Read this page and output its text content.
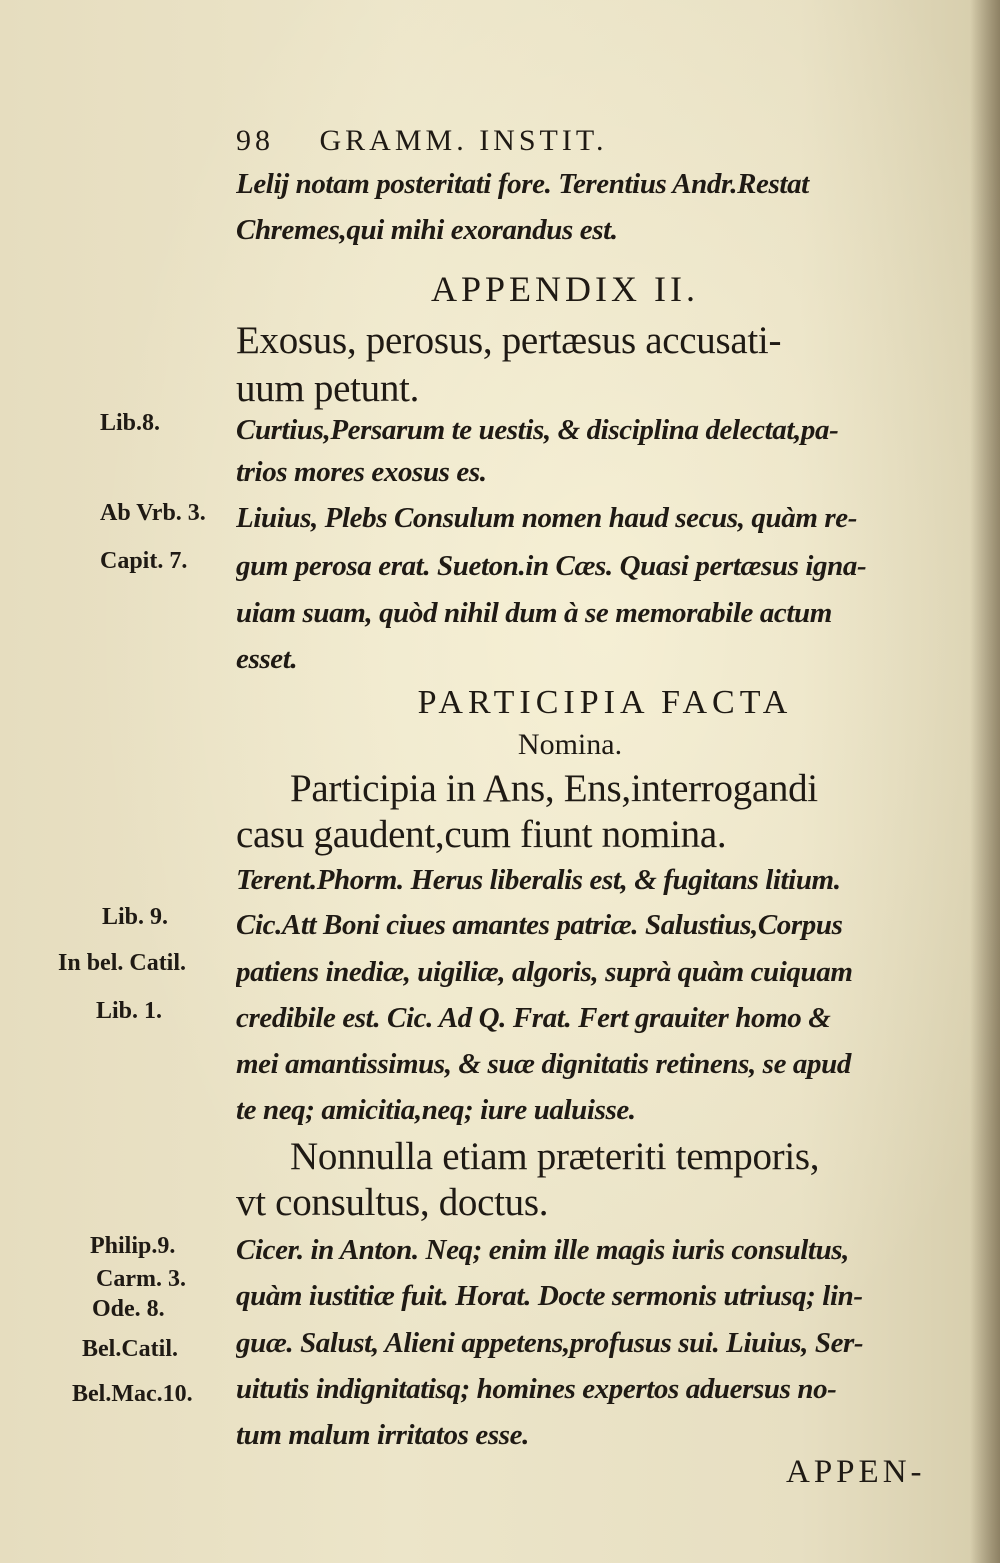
98 GRAMM. INSTIT.
Lelij notam posteritati fore. Terentius Andr.Restat
Chremes,qui mihi exorandus est.
APPENDIX II.
Exosus, perosus, pertæsus accusati-
uum petunt.
Curtius,Persarum te uestis, & disciplina delectat,pa-
trios mores exosus es.
Liuius, Plebs Consulum nomen haud secus, quàm re-
gum perosa erat. Sueton.in Cæs. Quasi pertæsus igna-
uiam suam, quòd nihil dum à se memorabile actum
esset.
PARTICIPIA FACTA
Nomina.
Participia in Ans, Ens,interrogandi
casu gaudent,cum fiunt nomina.
Terent.Phorm. Herus liberalis est, & fugitans litium.
Cic.Att Boni ciues amantes patriæ. Salustius,Corpus
patiens inediæ, uigiliæ, algoris, suprà quàm cuiquam
credibile est. Cic. Ad Q. Frat. Fert grauiter homo &
mei amantissimus, & suæ dignitatis retinens, se apud
te neq; amicitia,neq; iure ualuisse.
Nonnulla etiam præteriti temporis,
vt consultus, doctus.
Cicer. in Anton. Neq; enim ille magis iuris consultus,
quàm iustitiæ fuit. Horat. Docte sermonis utriusq; lin-
guæ. Salust, Alieni appetens,profusus sui. Liuius, Ser-
uitutis indignitatisq; homines expertos aduersus no-
tum malum irritatos esse.
Lib.8.
Ab Vrb. 3.
Capit. 7.
Lib. 9.
In bel. Catil.
Lib. 1.
Philip.9.
Carm. 3.
Ode. 8.
Bel.Catil.
Bel.Mac.10.
APPEN-
